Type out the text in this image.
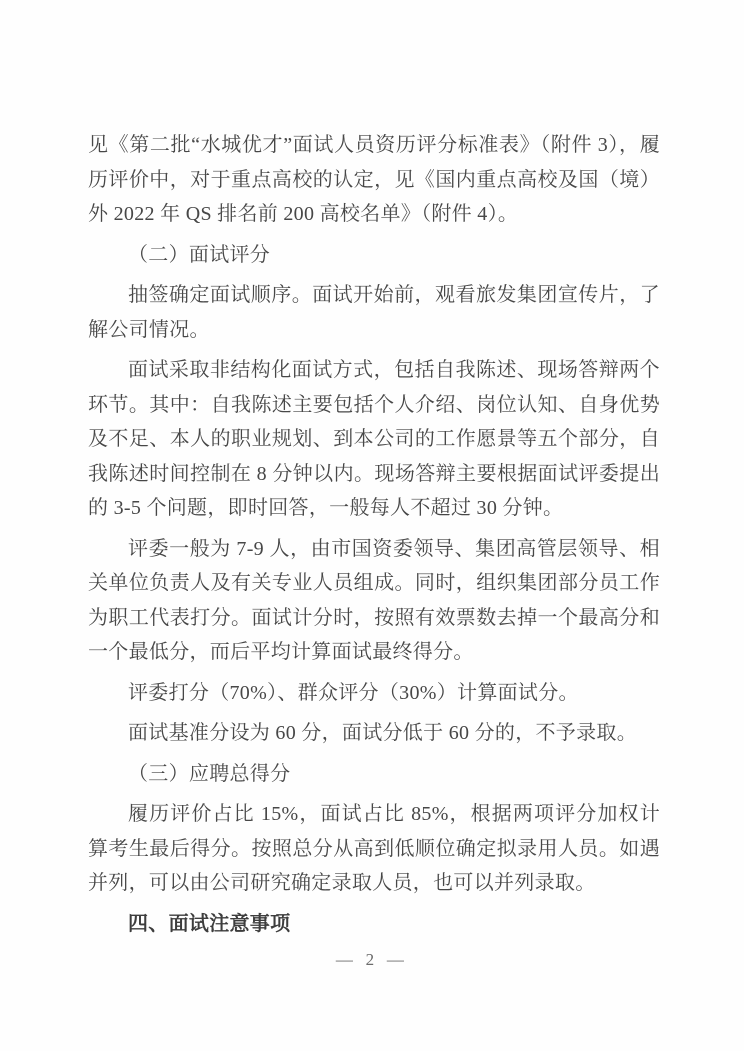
见《第二批“水城优才”面试人员资历评分标准表》（附件 3），履历评价中，对于重点高校的认定，见《国内重点高校及国（境）外 2022 年 QS 排名前 200 高校名单》（附件 4）。

（二）面试评分

抽签确定面试顺序。面试开始前，观看旅发集团宣传片，了解公司情况。

面试采取非结构化面试方式，包括自我陈述、现场答辩两个环节。其中：自我陈述主要包括个人介绍、岗位认知、自身优势及不足、本人的职业规划、到本公司的工作愿景等五个部分，自我陈述时间控制在 8 分钟以内。现场答辩主要根据面试评委提出的 3-5 个问题，即时回答，一般每人不超过 30 分钟。

评委一般为 7-9 人，由市国资委领导、集团高管层领导、相关单位负责人及有关专业人员组成。同时，组织集团部分员工作为职工代表打分。面试计分时，按照有效票数去掉一个最高分和一个最低分，而后平均计算面试最终得分。

评委打分（70%）、群众评分（30%）计算面试分。

面试基准分设为 60 分，面试分低于 60 分的，不予录取。

（三）应聘总得分

履历评价占比 15%，面试占比 85%，根据两项评分加权计算考生最后得分。按照总分从高到低顺位确定拟录用人员。如遇并列，可以由公司研究确定录取人员，也可以并列录取。

四、面试注意事项

— 2 —
